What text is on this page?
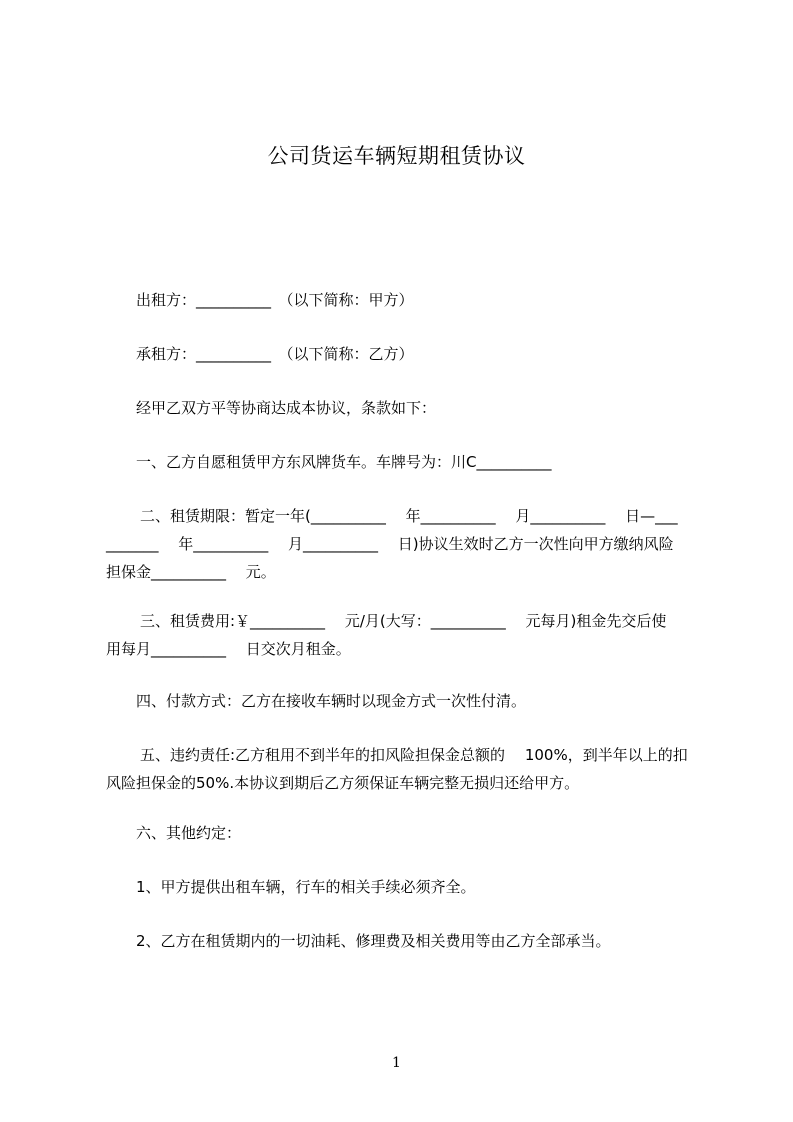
公司货运车辆短期租赁协议
出租方：__________　（以下简称：甲方）
承租方：__________　（以下简称：乙方）
经甲乙双方平等协商达成本协议，条款如下：
一、乙方自愿租赁甲方东风牌货车。车牌号为：川C__________
二、租赁期限：暂定一年(__________　 年__________　 月__________　 日—___
_______　 年__________　 月__________　 日)协议生效时乙方一次性向甲方缴纳风险
担保金__________　 元。
三、租赁费用:￥__________　 元/月(大写：__________　 元每月)租金先交后使
用每月__________　 日交次月租金。
四、付款方式：乙方在接收车辆时以现金方式一次性付清。
五、违约责任:乙方租用不到半年的扣风险担保金总额的　 100%，到半年以上的扣
风险担保金的50%.本协议到期后乙方须保证车辆完整无损归还给甲方。
六、其他约定：
1、甲方提供出租车辆，行车的相关手续必须齐全。
2、乙方在租赁期内的一切油耗、修理费及相关费用等由乙方全部承当。
1
